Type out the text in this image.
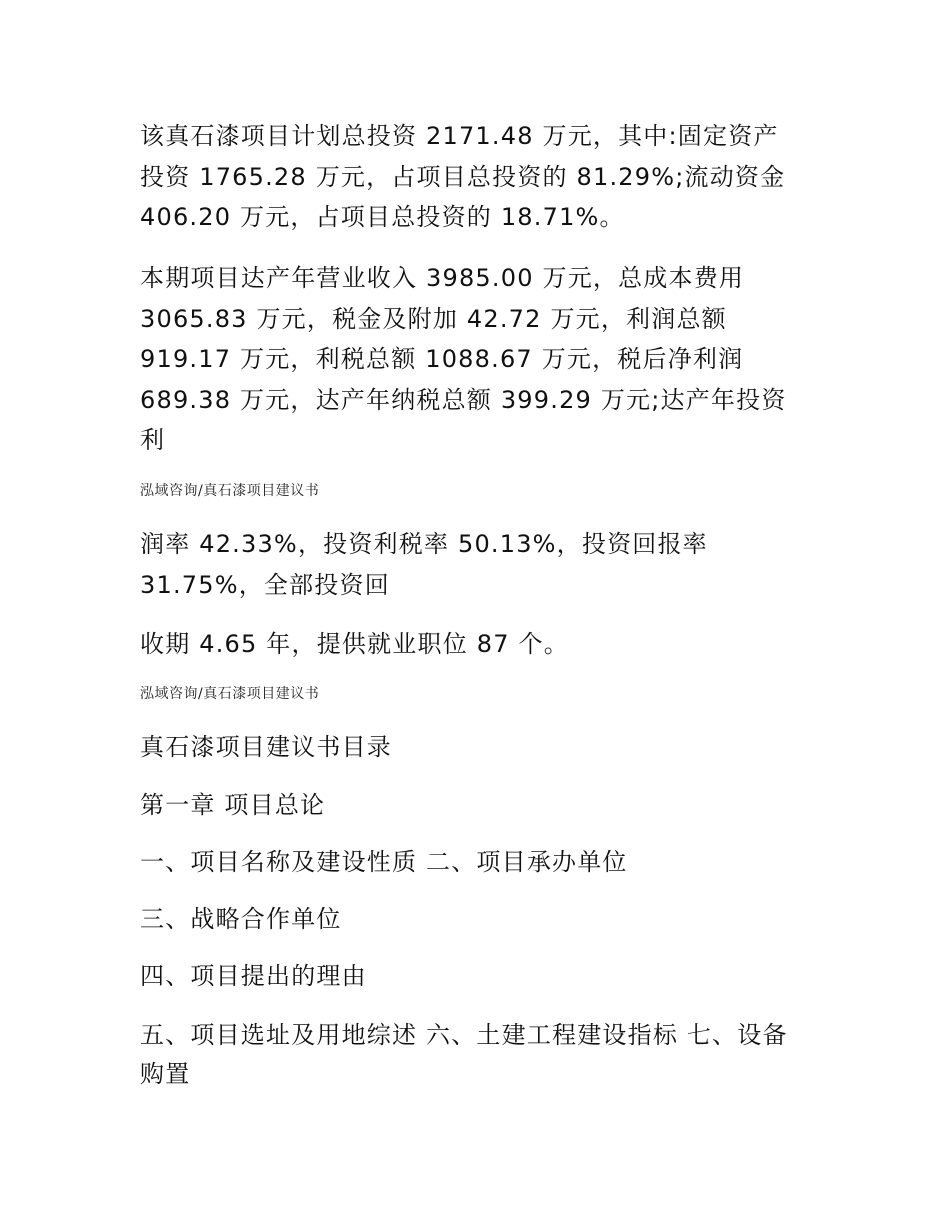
该真石漆项目计划总投资 2171.48 万元，其中:固定资产
投资 1765.28 万元，占项目总投资的 81.29%;流动资金
406.20 万元，占项目总投资的 18.71%。
本期项目达产年营业收入 3985.00 万元，总成本费用
3065.83 万元，税金及附加 42.72 万元，利润总额
919.17 万元，利税总额 1088.67 万元，税后净利润
689.38 万元，达产年纳税总额 399.29 万元;达产年投资
利
泓域咨询/真石漆项目建议书
润率 42.33%，投资利税率 50.13%，投资回报率
31.75%，全部投资回
收期 4.65 年，提供就业职位 87 个。
泓域咨询/真石漆项目建议书
真石漆项目建议书目录
第一章 项目总论
一、项目名称及建设性质 二、项目承办单位
三、战略合作单位
四、项目提出的理由
五、项目选址及用地综述 六、土建工程建设指标 七、设备
购置
